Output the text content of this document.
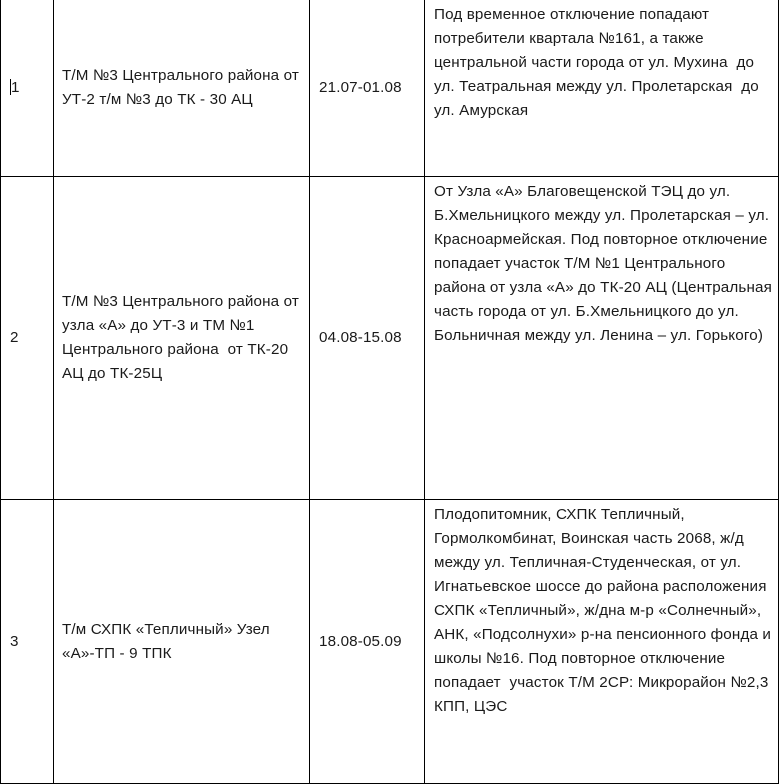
1	Т/М №3 Центрального района от УТ-2 т/м №3 до ТК - 30 АЦ	21.07-01.08	Под временное отключение попадают потребители квартала №161, а также центральной части города от ул. Мухина  до ул. Театральная между ул. Пролетарская  до ул. Амурская
2	Т/М №3 Центрального района от узла «А» до УТ-3 и ТМ №1 Центрального района  от ТК-20 АЦ до ТК-25Ц	04.08-15.08	От Узла «А» Благовещенской ТЭЦ до ул. Б.Хмельницкого между ул. Пролетарская – ул. Красноармейская. Под повторное отключение попадает участок Т/М №1 Центрального района от узла «А» до ТК-20 АЦ (Центральная часть города от ул. Б.Хмельницкого до ул. Больничная между ул. Ленина – ул. Горького)
3	Т/м СХПК «Тепличный» Узел «А»-ТП - 9 ТПК	18.08-05.09	Плодопитомник, СХПК Тепличный, Гормолкомбинат, Воинская часть 2068, ж/д между ул. Тепличная-Студенческая, от ул. Игнатьевское шоссе до района расположения СХПК «Тепличный», ж/дна м-р «Солнечный», АНК, «Подсолнухи» р-на пенсионного фонда и школы №16. Под повторное отключение попадает  участок Т/М 2СР: Микрорайон №2,3 КПП, ЦЭС
